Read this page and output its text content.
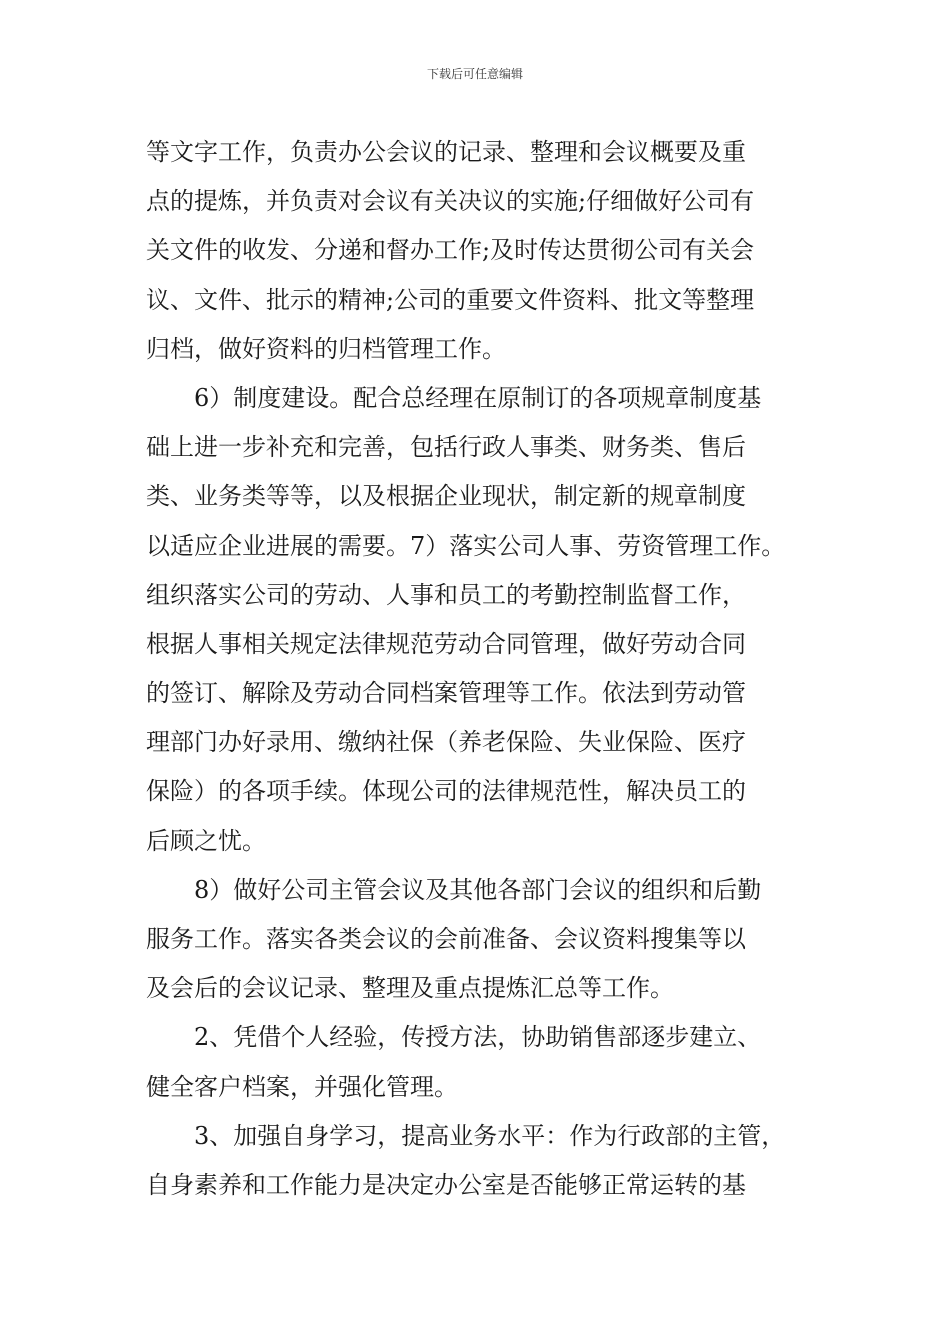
下载后可任意编辑
等文字工作，负责办公会议的记录、整理和会议概要及重
点的提炼，并负责对会议有关决议的实施;仔细做好公司有
关文件的收发、分递和督办工作;及时传达贯彻公司有关会
议、文件、批示的精神;公司的重要文件资料、批文等整理
归档，做好资料的归档管理工作。
6）制度建设。配合总经理在原制订的各项规章制度基
础上进一步补充和完善，包括行政人事类、财务类、售后
类、业务类等等，以及根据企业现状，制定新的规章制度
以适应企业进展的需要。7）落实公司人事、劳资管理工作。
组织落实公司的劳动、人事和员工的考勤控制监督工作，
根据人事相关规定法律规范劳动合同管理，做好劳动合同
的签订、解除及劳动合同档案管理等工作。依法到劳动管
理部门办好录用、缴纳社保（养老保险、失业保险、医疗
保险）的各项手续。体现公司的法律规范性，解决员工的
后顾之忧。
8）做好公司主管会议及其他各部门会议的组织和后勤
服务工作。落实各类会议的会前准备、会议资料搜集等以
及会后的会议记录、整理及重点提炼汇总等工作。
2、凭借个人经验，传授方法，协助销售部逐步建立、
健全客户档案，并强化管理。
3、加强自身学习，提高业务水平：作为行政部的主管，
自身素养和工作能力是决定办公室是否能够正常运转的基
